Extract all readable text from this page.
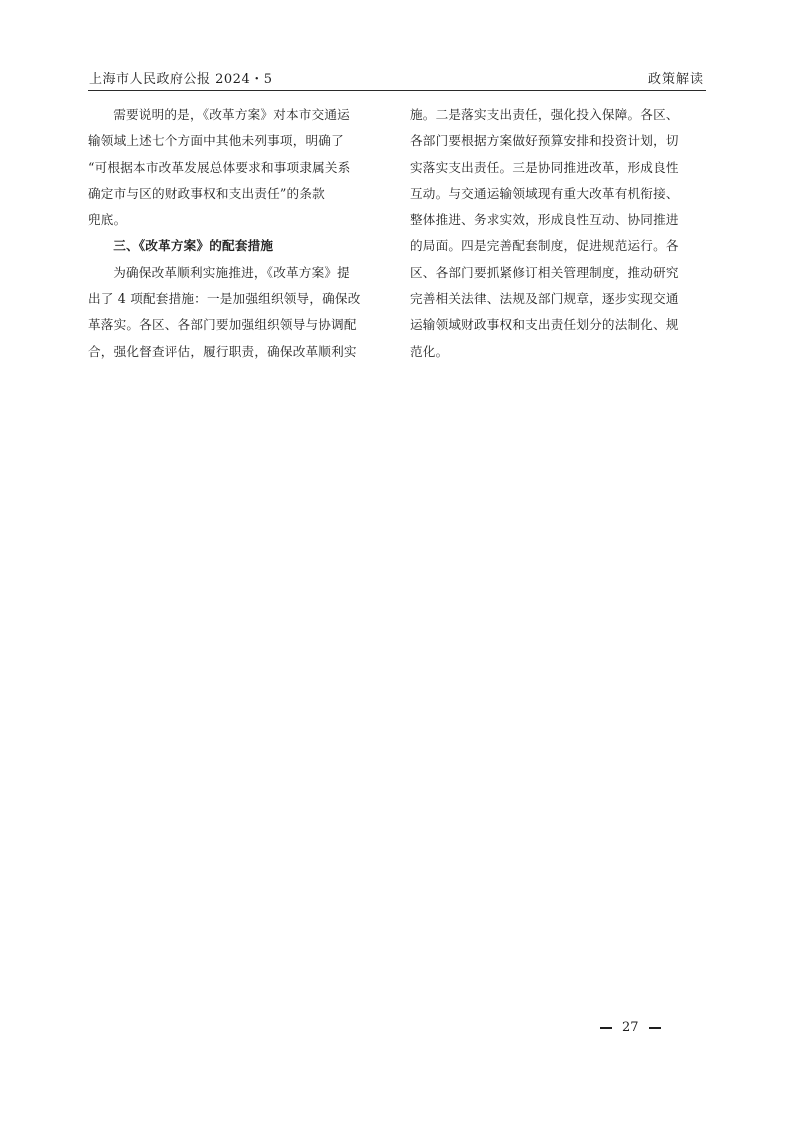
上海市人民政府公报 2024・5	政策解读

需要说明的是，《改革方案》对本市交通运
输领域上述七个方面中其他未列事项，明确了
“可根据本市改革发展总体要求和事项隶属关系
确定市与区的财政事权和支出责任”的条款
兜底。

三、《改革方案》的配套措施

为确保改革顺利实施推进，《改革方案》提
出了 4 项配套措施：一是加强组织领导，确保改
革落实。各区、各部门要加强组织领导与协调配
合，强化督查评估，履行职责，确保改革顺利实

施。二是落实支出责任，强化投入保障。各区、
各部门要根据方案做好预算安排和投资计划，切
实落实支出责任。三是协同推进改革，形成良性
互动。与交通运输领域现有重大改革有机衔接、
整体推进、务求实效，形成良性互动、协同推进
的局面。四是完善配套制度，促进规范运行。各
区、各部门要抓紧修订相关管理制度，推动研究
完善相关法律、法规及部门规章，逐步实现交通
运输领域财政事权和支出责任划分的法制化、规
范化。

27
